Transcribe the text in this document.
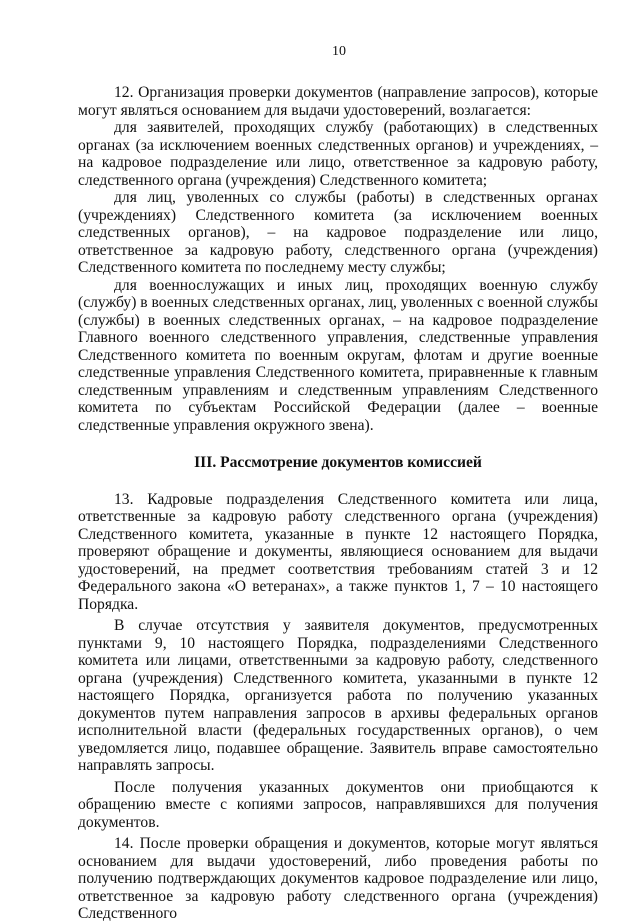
10

12. Организация проверки документов (направление запросов), которые могут являться основанием для выдачи удостоверений, возлагается:

для заявителей, проходящих службу (работающих) в следственных органах (за исключением военных следственных органов) и учреждениях, – на кадровое подразделение или лицо, ответственное за кадровую работу, следственного органа (учреждения) Следственного комитета;

для лиц, уволенных со службы (работы) в следственных органах (учреждениях) Следственного комитета (за исключением военных следственных органов), – на кадровое подразделение или лицо, ответственное за кадровую работу, следственного органа (учреждения) Следственного комитета по последнему месту службы;

для военнослужащих и иных лиц, проходящих военную службу (службу) в военных следственных органах, лиц, уволенных с военной службы (службы) в военных следственных органах, – на кадровое подразделение Главного военного следственного управления, следственные управления Следственного комитета по военным округам, флотам и другие военные следственные управления Следственного комитета, приравненные к главным следственным управлениям и следственным управлениям Следственного комитета по субъектам Российской Федерации (далее – военные следственные управления окружного звена).

III. Рассмотрение документов комиссией

13. Кадровые подразделения Следственного комитета или лица, ответственные за кадровую работу следственного органа (учреждения) Следственного комитета, указанные в пункте 12 настоящего Порядка, проверяют обращение и документы, являющиеся основанием для выдачи удостоверений, на предмет соответствия требованиям статей 3 и 12 Федерального закона «О ветеранах», а также пунктов 1, 7 – 10 настоящего Порядка.

В случае отсутствия у заявителя документов, предусмотренных пунктами 9, 10 настоящего Порядка, подразделениями Следственного комитета или лицами, ответственными за кадровую работу, следственного органа (учреждения) Следственного комитета, указанными в пункте 12 настоящего Порядка, организуется работа по получению указанных документов путем направления запросов в архивы федеральных органов исполнительной власти (федеральных государственных органов), о чем уведомляется лицо, подавшее обращение. Заявитель вправе самостоятельно направлять запросы.

После получения указанных документов они приобщаются к обращению вместе с копиями запросов, направлявшихся для получения документов.

14. После проверки обращения и документов, которые могут являться основанием для выдачи удостоверений, либо проведения работы по получению подтверждающих документов кадровое подразделение или лицо, ответственное за кадровую работу следственного органа (учреждения) Следственного
